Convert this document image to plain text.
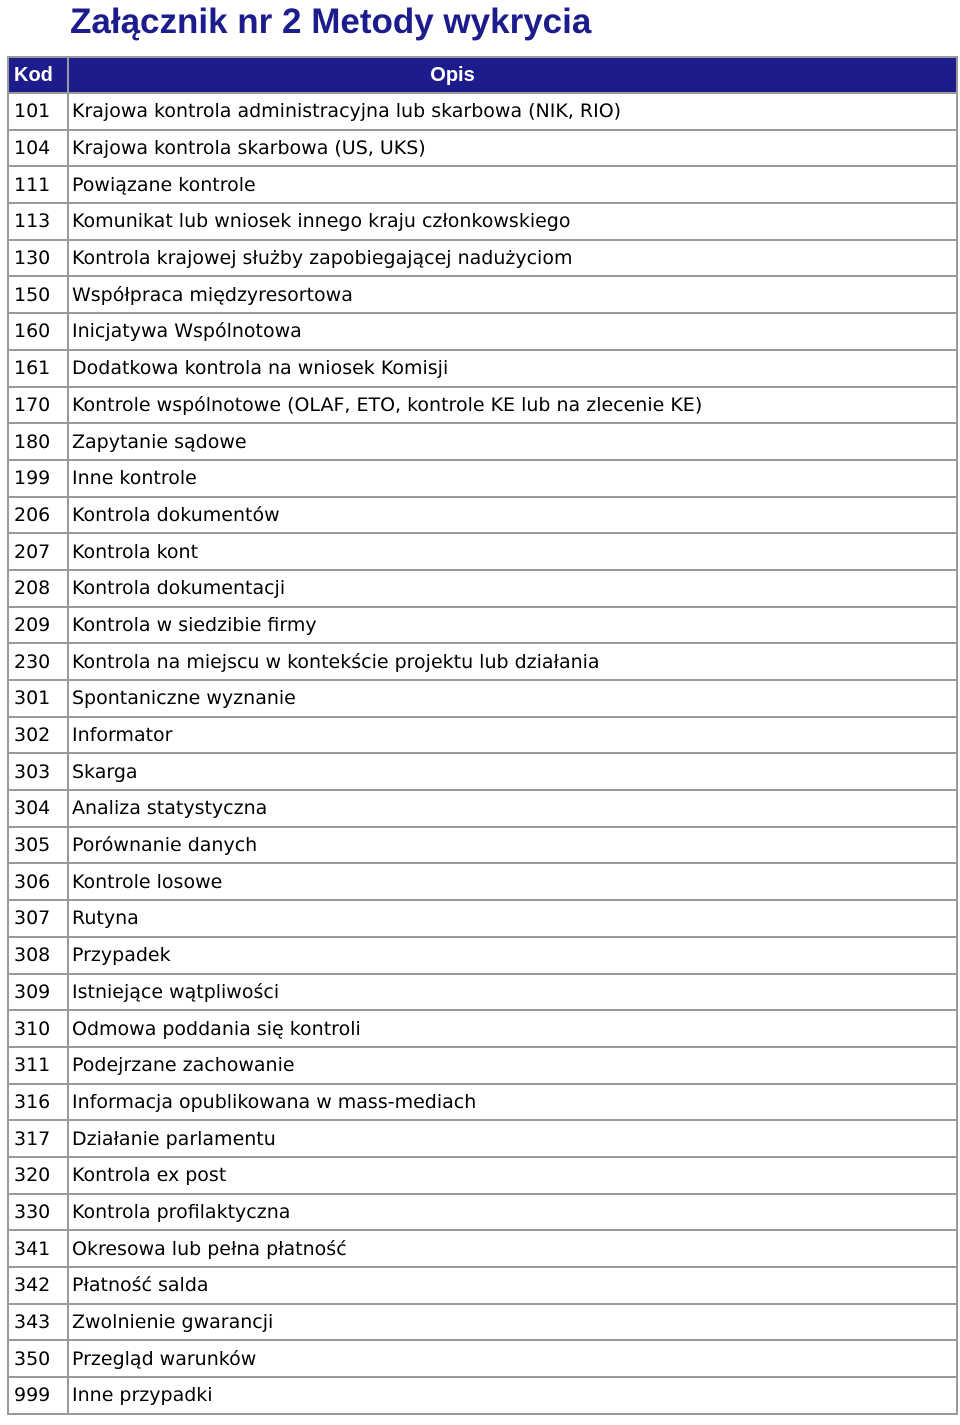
Załącznik nr 2 Metody wykrycia
Kod	Opis
101	Krajowa kontrola administracyjna lub skarbowa (NIK, RIO)
104	Krajowa kontrola skarbowa (US, UKS)
111	Powiązane kontrole
113	Komunikat lub wniosek innego kraju członkowskiego
130	Kontrola krajowej służby zapobiegającej nadużyciom
150	Współpraca międzyresortowa
160	Inicjatywa Wspólnotowa
161	Dodatkowa kontrola na wniosek Komisji
170	Kontrole wspólnotowe (OLAF, ETO, kontrole KE lub na zlecenie KE)
180	Zapytanie sądowe
199	Inne kontrole
206	Kontrola dokumentów
207	Kontrola kont
208	Kontrola dokumentacji
209	Kontrola w siedzibie firmy
230	Kontrola na miejscu w kontekście projektu lub działania
301	Spontaniczne wyznanie
302	Informator
303	Skarga
304	Analiza statystyczna
305	Porównanie danych
306	Kontrole losowe
307	Rutyna
308	Przypadek
309	Istniejące wątpliwości
310	Odmowa poddania się kontroli
311	Podejrzane zachowanie
316	Informacja opublikowana w mass-mediach
317	Działanie parlamentu
320	Kontrola ex post
330	Kontrola profilaktyczna
341	Okresowa lub pełna płatność
342	Płatność salda
343	Zwolnienie gwarancji
350	Przegląd warunków
999	Inne przypadki
